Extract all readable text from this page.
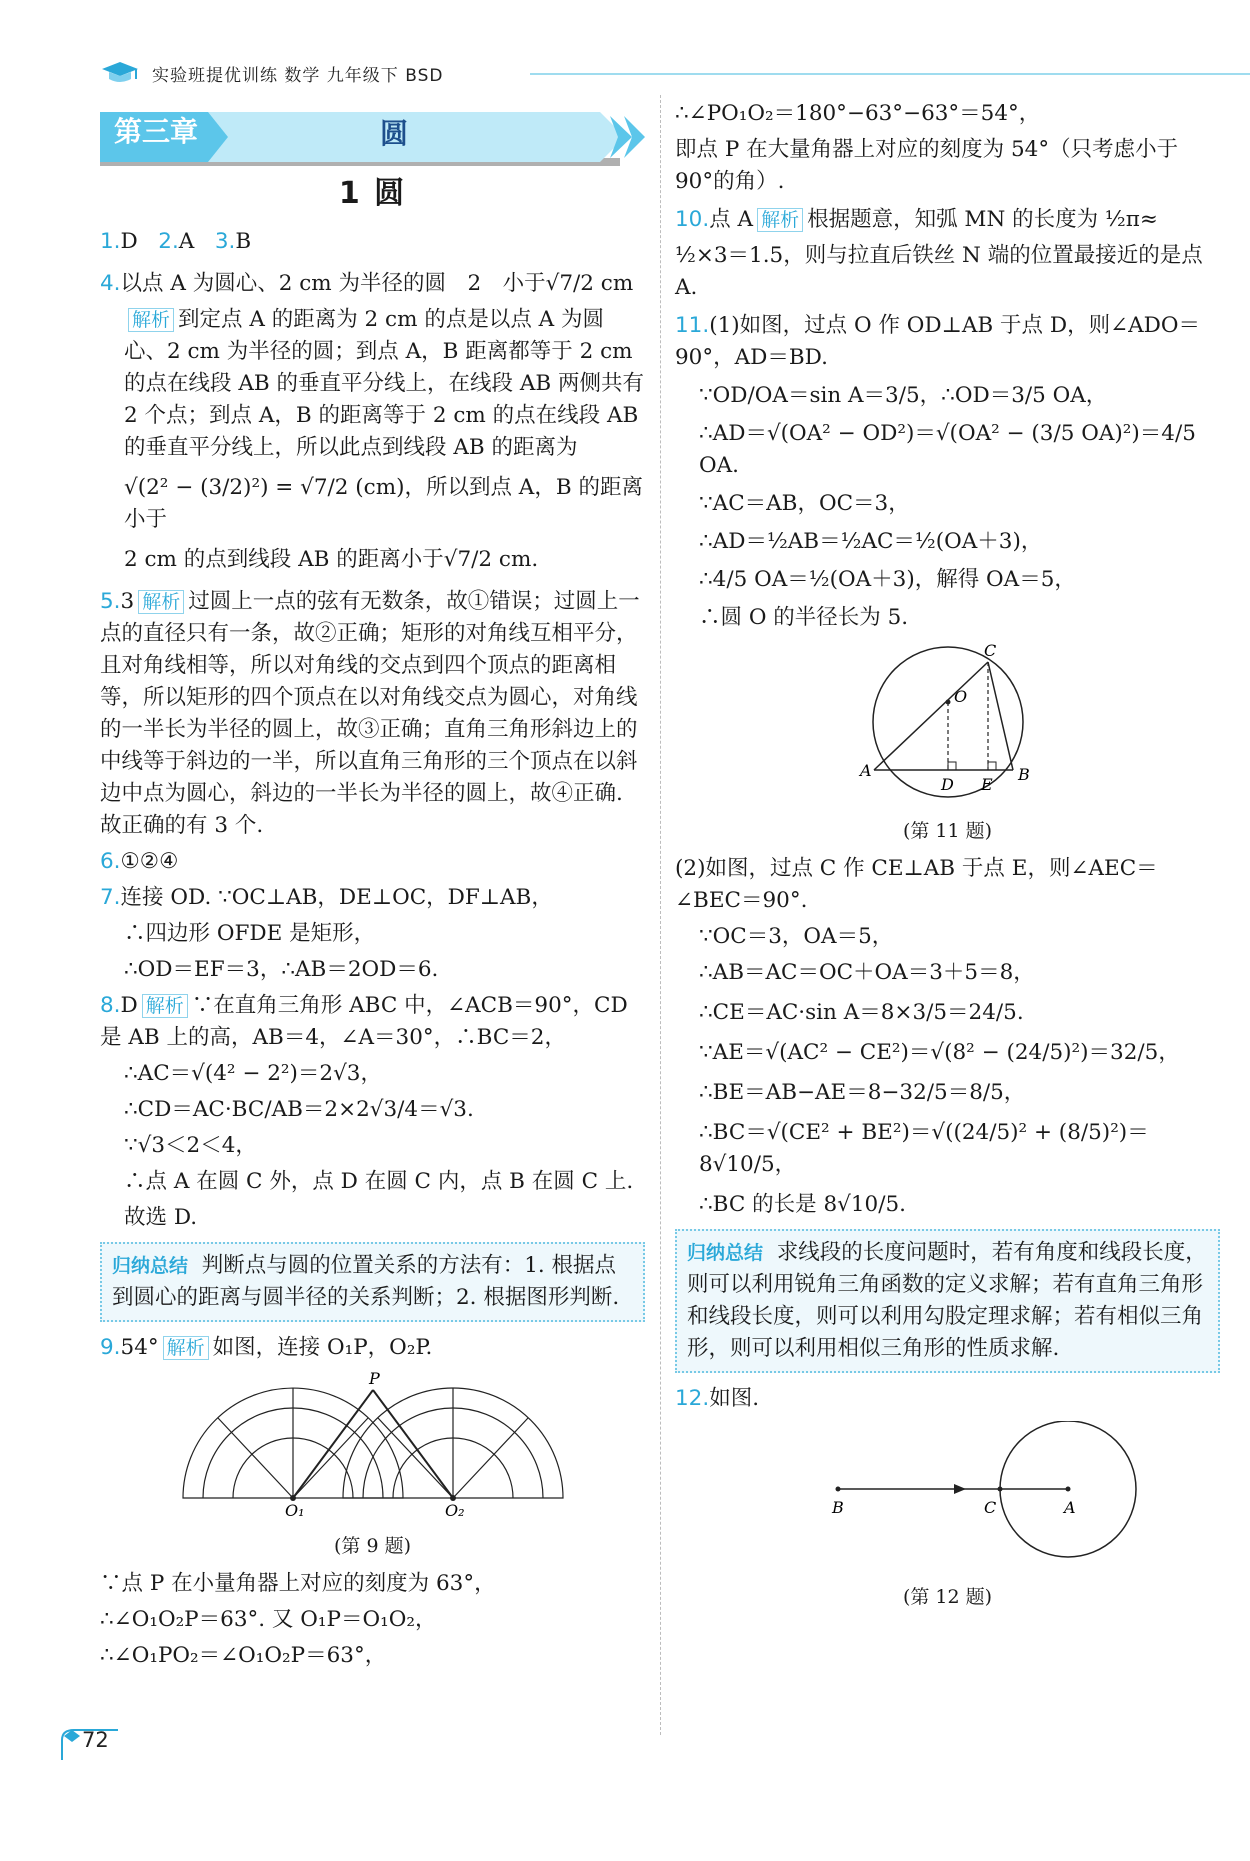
实验班提优训练 数学 九年级下 BSD
第三章	圆
1 圆

1.D 2.A 3.B

4.以点 A 为圆心、2 cm 为半径的圆　2　小于√7/2 cm

解析 到定点 A 的距离为 2 cm 的点是以点 A 为圆心、2 cm 为半径的圆；到点 A，B 距离都等于 2 cm 的点在线段 AB 的垂直平分线上，在线段 AB 两侧共有 2 个点；到点 A，B 的距离等于 2 cm 的点在线段 AB 的垂直平分线上，所以此点到线段 AB 的距离为

√(2² − (3/2)²) = √7/2 (cm)，所以到点 A，B 的距离小于

2 cm 的点到线段 AB 的距离小于√7/2 cm.

5.3 解析 过圆上一点的弦有无数条，故①错误；过圆上一点的直径只有一条，故②正确；矩形的对角线互相平分，且对角线相等，所以对角线的交点到四个顶点的距离相等，所以矩形的四个顶点在以对角线交点为圆心，对角线的一半长为半径的圆上，故③正确；直角三角形斜边上的中线等于斜边的一半，所以直角三角形的三个顶点在以斜边中点为圆心，斜边的一半长为半径的圆上，故④正确. 故正确的有 3 个.

6.①②④

7.连接 OD. ∵OC⊥AB，DE⊥OC，DF⊥AB，

∴四边形 OFDE 是矩形，

∴OD＝EF＝3，∴AB＝2OD＝6.

8.D 解析 ∵在直角三角形 ABC 中，∠ACB＝90°，CD 是 AB 上的高，AB＝4，∠A＝30°，∴BC＝2，

∴AC＝√(4² − 2²)＝2√3，

∴CD＝AC·BC/AB＝2×2√3/4＝√3.

∵√3＜2＜4，

∴点 A 在圆 C 外，点 D 在圆 C 内，点 B 在圆 C 上.

故选 D.

归纳总结 判断点与圆的位置关系的方法有：1. 根据点到圆心的距离与圆半径的关系判断；2. 根据图形判断.

9.54° 解析 如图，连接 O₁P，O₂P.

P
O₁	O₂
(第 9 题)

∵点 P 在小量角器上对应的刻度为 63°，

∴∠O₁O₂P＝63°. 又 O₁P＝O₁O₂，

∴∠O₁PO₂＝∠O₁O₂P＝63°，

∴∠PO₁O₂＝180°−63°−63°＝54°，

即点 P 在大量角器上对应的刻度为 54°（只考虑小于 90°的角）.

10.点 A 解析 根据题意，知弧 MN 的长度为 ½π≈

½×3＝1.5，则与拉直后铁丝 N 端的位置最接近的是点 A.

11.(1)如图，过点 O 作 OD⊥AB 于点 D，则∠ADO＝90°，AD＝BD.

∵OD/OA＝sin A＝3/5，∴OD＝3/5 OA，

∴AD＝√(OA² − OD²)＝√(OA² − (3/5 OA)²)＝4/5 OA.

∵AC＝AB，OC＝3，

∴AD＝½AB＝½AC＝½(OA＋3)，

∴4/5 OA＝½(OA＋3)，解得 OA＝5，

∴圆 O 的半径长为 5.

A	B
C
D E
O
(第 11 题)

(2)如图，过点 C 作 CE⊥AB 于点 E，则∠AEC＝∠BEC＝90°.

∵OC＝3，OA＝5，

∴AB＝AC＝OC＋OA＝3＋5＝8，

∴CE＝AC·sin A＝8×3/5＝24/5.

∵AE＝√(AC² − CE²)＝√(8² − (24/5)²)＝32/5，

∴BE＝AB−AE＝8−32/5＝8/5，

∴BC＝√(CE² + BE²)＝√((24/5)² + (8/5)²)＝8√10/5，

∴BC 的长是 8√10/5.

归纳总结 求线段的长度问题时，若有角度和线段长度，则可以利用锐角三角函数的定义求解；若有直角三角形和线段长度，则可以利用勾股定理求解；若有相似三角形，则可以利用相似三角形的性质求解.

12.如图.

B	C	A
(第 12 题)
72
